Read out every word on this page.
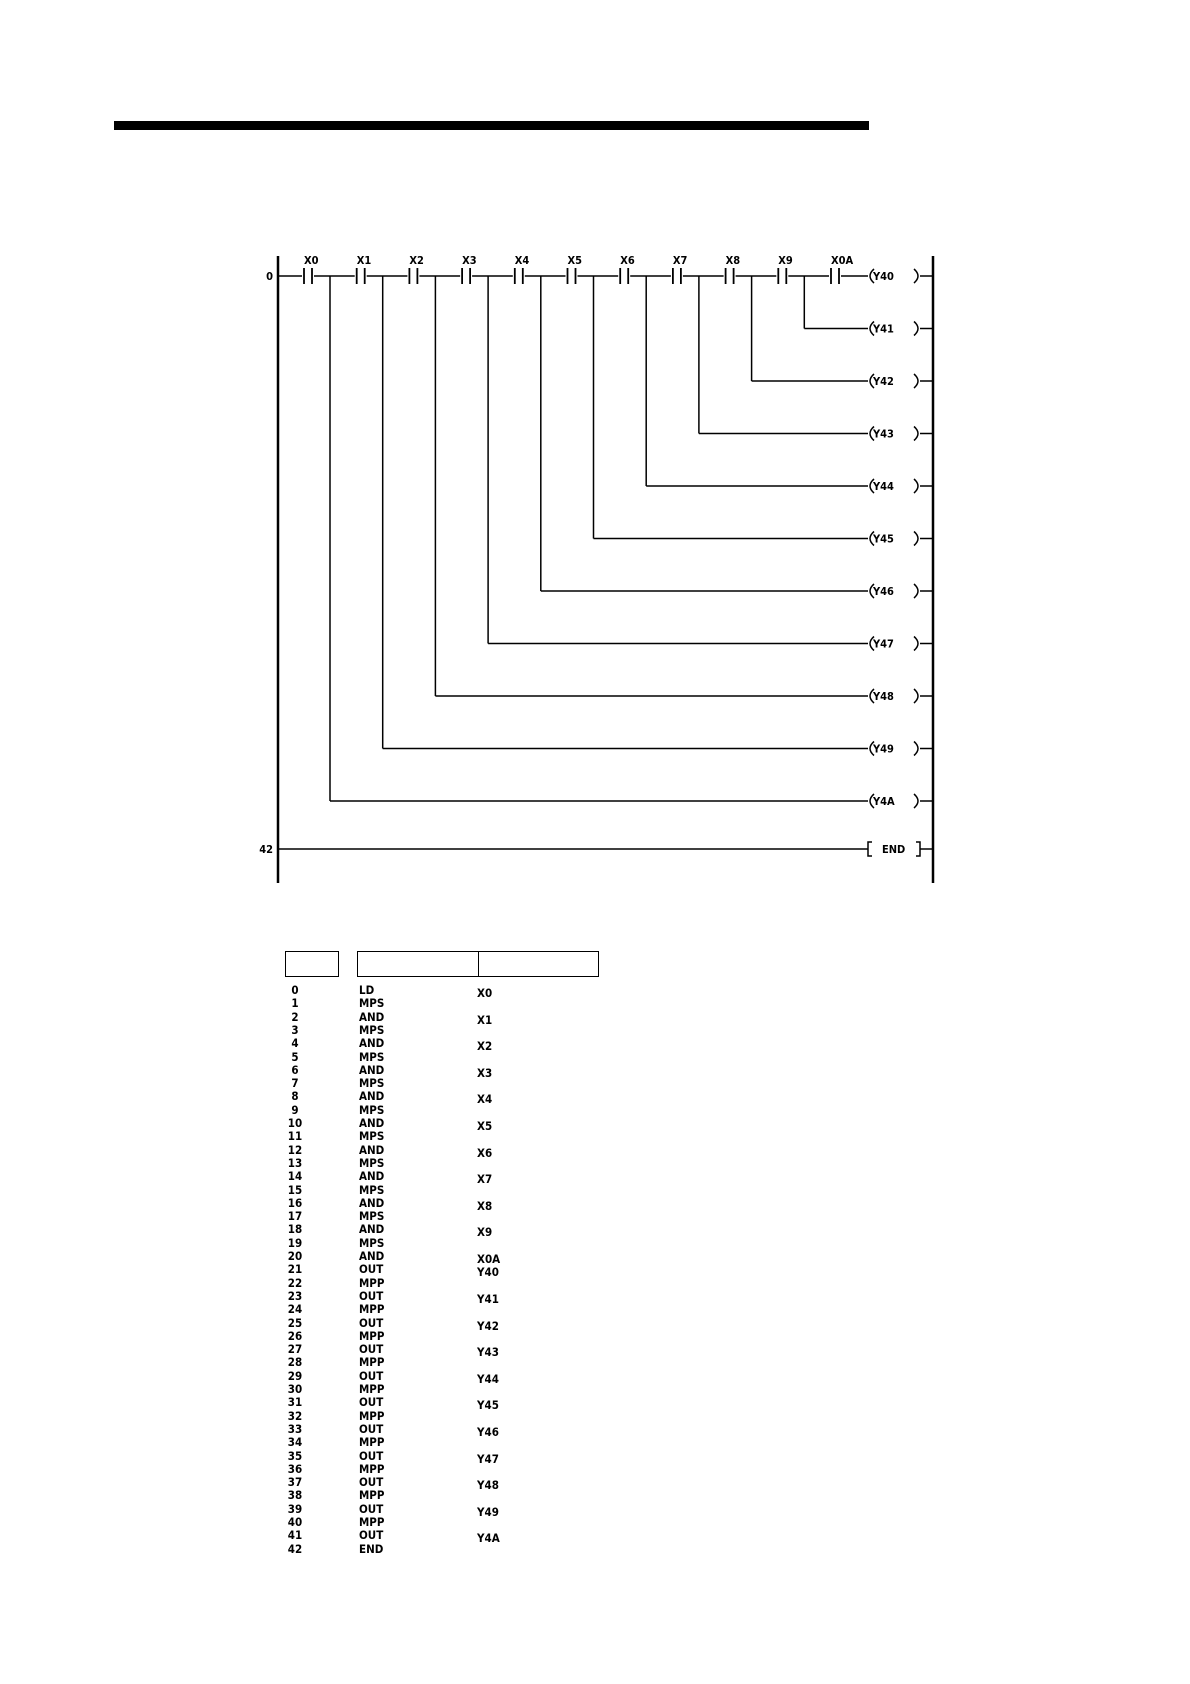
0
X0	X1	X2	X3	X4	X5	X6	X7	X8	X9	X0A
Y40
Y41
Y42
Y43
Y44
Y45
Y46
Y47
Y48
Y49
Y4A
42	END
0	LD	X0
1	MPS
2	AND	X1
3	MPS
4	AND	X2
5	MPS
6	AND	X3
7	MPS
8	AND	X4
9	MPS
10	AND	X5
11	MPS
12	AND	X6
13	MPS
14	AND	X7
15	MPS
16	AND	X8
17	MPS
18	AND	X9
19	MPS
20	AND	X0A
21	OUT	Y40
22	MPP
23	OUT	Y41
24	MPP
25	OUT	Y42
26	MPP
27	OUT	Y43
28	MPP
29	OUT	Y44
30	MPP
31	OUT	Y45
32	MPP
33	OUT	Y46
34	MPP
35	OUT	Y47
36	MPP
37	OUT	Y48
38	MPP
39	OUT	Y49
40	MPP
41	OUT	Y4A
42	END
